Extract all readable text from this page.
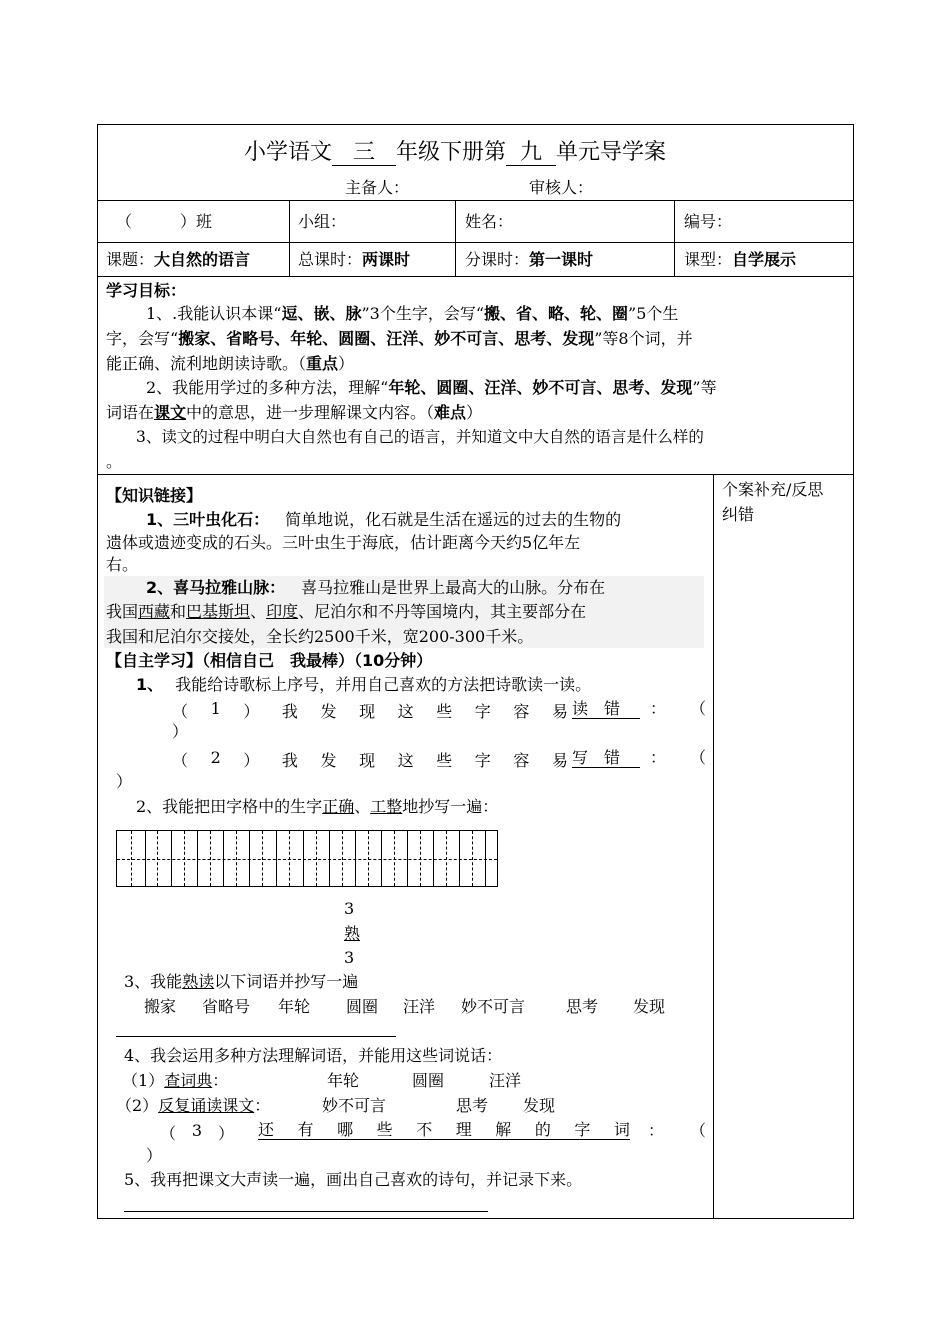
小学语文 三 年级下册第 九 单元导学案
主备人：	审核人：
（　　　）班	小组：	姓名：	编号：
课题：大自然的语言	总课时：两课时	分课时：第一课时	课型：自学展示
学习目标：
1、.我能认识本课“逗、嵌、脉”3个生字，会写“搬、省、略、轮、圈”5个生
字，会写“搬家、省略号、年轮、圆圈、汪洋、妙不可言、思考、发现”等8个词，并
能正确、流利地朗读诗歌。（重点）
2、我能用学过的多种方法，理解“年轮、圆圈、汪洋、妙不可言、思考、发现”等
词语在课文中的意思，进一步理解课文内容。（难点）
3、读文的过程中明白大自然也有自己的语言，并知道文中大自然的语言是什么样的
。
个案补充/反思
纠错
【知识链接】
1、三叶虫化石： 简单地说，化石就是生活在遥远的过去的生物的
遗体或遗迹变成的石头。三叶虫生于海底，估计距离今天约5亿年左
右。
2、喜马拉雅山脉： 喜马拉雅山是世界上最高大的山脉。分布在
我国西藏和巴基斯坦、印度、尼泊尔和不丹等国境内，其主要部分在
我国和尼泊尔交接处，全长约2500千米，宽200-300千米。
【自主学习】（相信自己　我最棒）（10分钟）
1、 我能给诗歌标上序号，并用自己喜欢的方法把诗歌读一读。
（ 1 ） 我 发 现 这 些 字 容 易 读　错 ： （
）
（ 2 ） 我 发 现 这 些 字 容 易 写　错 ： （
）
2、我能把田字格中的生字正确、工整地抄写一遍：
3
熟
3
3、我能熟读以下词语并抄写一遍
搬家 省略号 年轮 圆圈 汪洋 妙不可言	思考 发现
4、我会运用多种方法理解词语，并能用这些词说话：
（1）查词典：	年轮	圆圈	汪洋
（2）反复诵读课文：	妙不可言	思考 发现
（ 3 ） 还 有 哪 些 不 理 解 的 字 词 ： （
）
5、我再把课文大声读一遍，画出自己喜欢的诗句，并记录下来。
